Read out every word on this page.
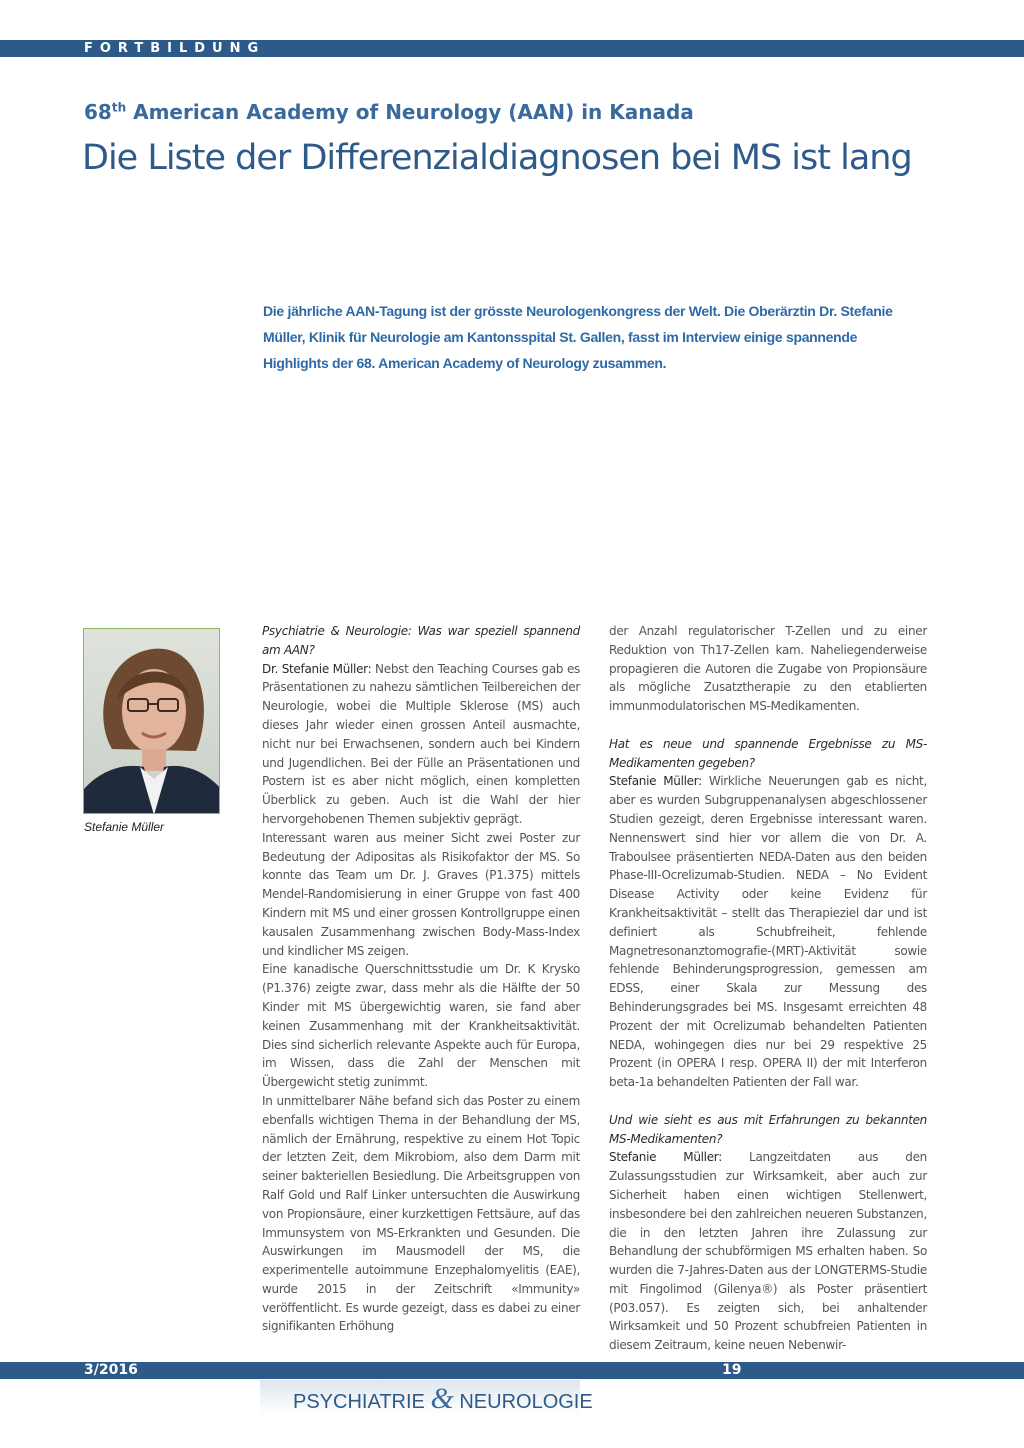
FORTBILDUNG
68th American Academy of Neurology (AAN) in Kanada
Die Liste der Differenzialdiagnosen bei MS ist lang
Die jährliche AAN-Tagung ist der grösste Neurologenkongress der Welt. Die Oberärztin Dr. Stefanie Müller, Klinik für Neurologie am Kantonsspital St. Gallen, fasst im Interview einige spannende Highlights der 68. American Academy of Neurology zusammen.
Stefanie Müller

Psychiatrie & Neurologie: Was war speziell spannend am AAN?

Dr. Stefanie Müller: Nebst den Teaching Courses gab es Präsentationen zu nahezu sämtlichen Teilbereichen der Neurologie, wobei die Multiple Sklerose (MS) auch dieses Jahr wieder einen grossen Anteil ausmachte, nicht nur bei Erwachsenen, sondern auch bei Kindern und Jugendlichen. Bei der Fülle an Präsentationen und Postern ist es aber nicht möglich, einen kompletten Überblick zu geben. Auch ist die Wahl der hier hervorgehobenen Themen subjektiv geprägt.

Interessant waren aus meiner Sicht zwei Poster zur Bedeutung der Adipositas als Risikofaktor der MS. So konnte das Team um Dr. J. Graves (P1.375) mittels Mendel-Randomisierung in einer Gruppe von fast 400 Kindern mit MS und einer grossen Kontrollgruppe einen kausalen Zusammenhang zwischen Body-Mass-Index und kindlicher MS zeigen.

Eine kanadische Querschnittsstudie um Dr. K Krysko (P1.376) zeigte zwar, dass mehr als die Hälfte der 50 Kinder mit MS übergewichtig waren, sie fand aber keinen Zusammenhang mit der Krankheitsaktivität. Dies sind sicherlich relevante Aspekte auch für Europa, im Wissen, dass die Zahl der Menschen mit Übergewicht stetig zunimmt.

In unmittelbarer Nähe befand sich das Poster zu einem ebenfalls wichtigen Thema in der Behandlung der MS, nämlich der Ernährung, respektive zu einem Hot Topic der letzten Zeit, dem Mikrobiom, also dem Darm mit seiner bakteriellen Besiedlung. Die Arbeitsgruppen von Ralf Gold und Ralf Linker untersuchten die Auswirkung von Propionsäure, einer kurzkettigen Fettsäure, auf das Immunsystem von MS-Erkrankten und Gesunden. Die Auswirkungen im Mausmodell der MS, die experimentelle autoimmune Enzephalomyelitis (EAE), wurde 2015 in der Zeitschrift «Immunity» veröffentlicht. Es wurde gezeigt, dass es dabei zu einer signifikanten Erhöhung

der Anzahl regulatorischer T-Zellen und zu einer Reduktion von Th17-Zellen kam. Naheliegenderweise propagieren die Autoren die Zugabe von Propionsäure als mögliche Zusatztherapie zu den etablierten immunmodulatorischen MS-Medikamenten.

Hat es neue und spannende Ergebnisse zu MS-Medikamenten gegeben?

Stefanie Müller: Wirkliche Neuerungen gab es nicht, aber es wurden Subgruppenanalysen abgeschlossener Studien gezeigt, deren Ergebnisse interessant waren. Nennenswert sind hier vor allem die von Dr. A. Traboulsee präsentierten NEDA-Daten aus den beiden Phase-III-Ocrelizumab-Studien. NEDA – No Evident Disease Activity oder keine Evidenz für Krankheitsaktivität – stellt das Therapieziel dar und ist definiert als Schubfreiheit, fehlende Magnetresonanztomografie-(MRT)-Aktivität sowie fehlende Behinderungsprogression, gemessen am EDSS, einer Skala zur Messung des Behinderungsgrades bei MS. Insgesamt erreichten 48 Prozent der mit Ocrelizumab behandelten Patienten NEDA, wohingegen dies nur bei 29 respektive 25 Prozent (in OPERA I resp. OPERA II) der mit Interferon beta-1a behandelten Patienten der Fall war.

Und wie sieht es aus mit Erfahrungen zu bekannten MS-Medikamenten?

Stefanie Müller: Langzeitdaten aus den Zulassungsstudien zur Wirksamkeit, aber auch zur Sicherheit haben einen wichtigen Stellenwert, insbesondere bei den zahlreichen neueren Substanzen, die in den letzten Jahren ihre Zulassung zur Behandlung der schubförmigen MS erhalten haben. So wurden die 7-Jahres-Daten aus der LONGTERMS-Studie mit Fingolimod (Gilenya®) als Poster präsentiert (P03.057). Es zeigten sich, bei anhaltender Wirksamkeit und 50 Prozent schubfreien Patienten in diesem Zeitraum, keine neuen Nebenwir-

3/2016	19
PSYCHIATRIE & NEUROLOGIE
